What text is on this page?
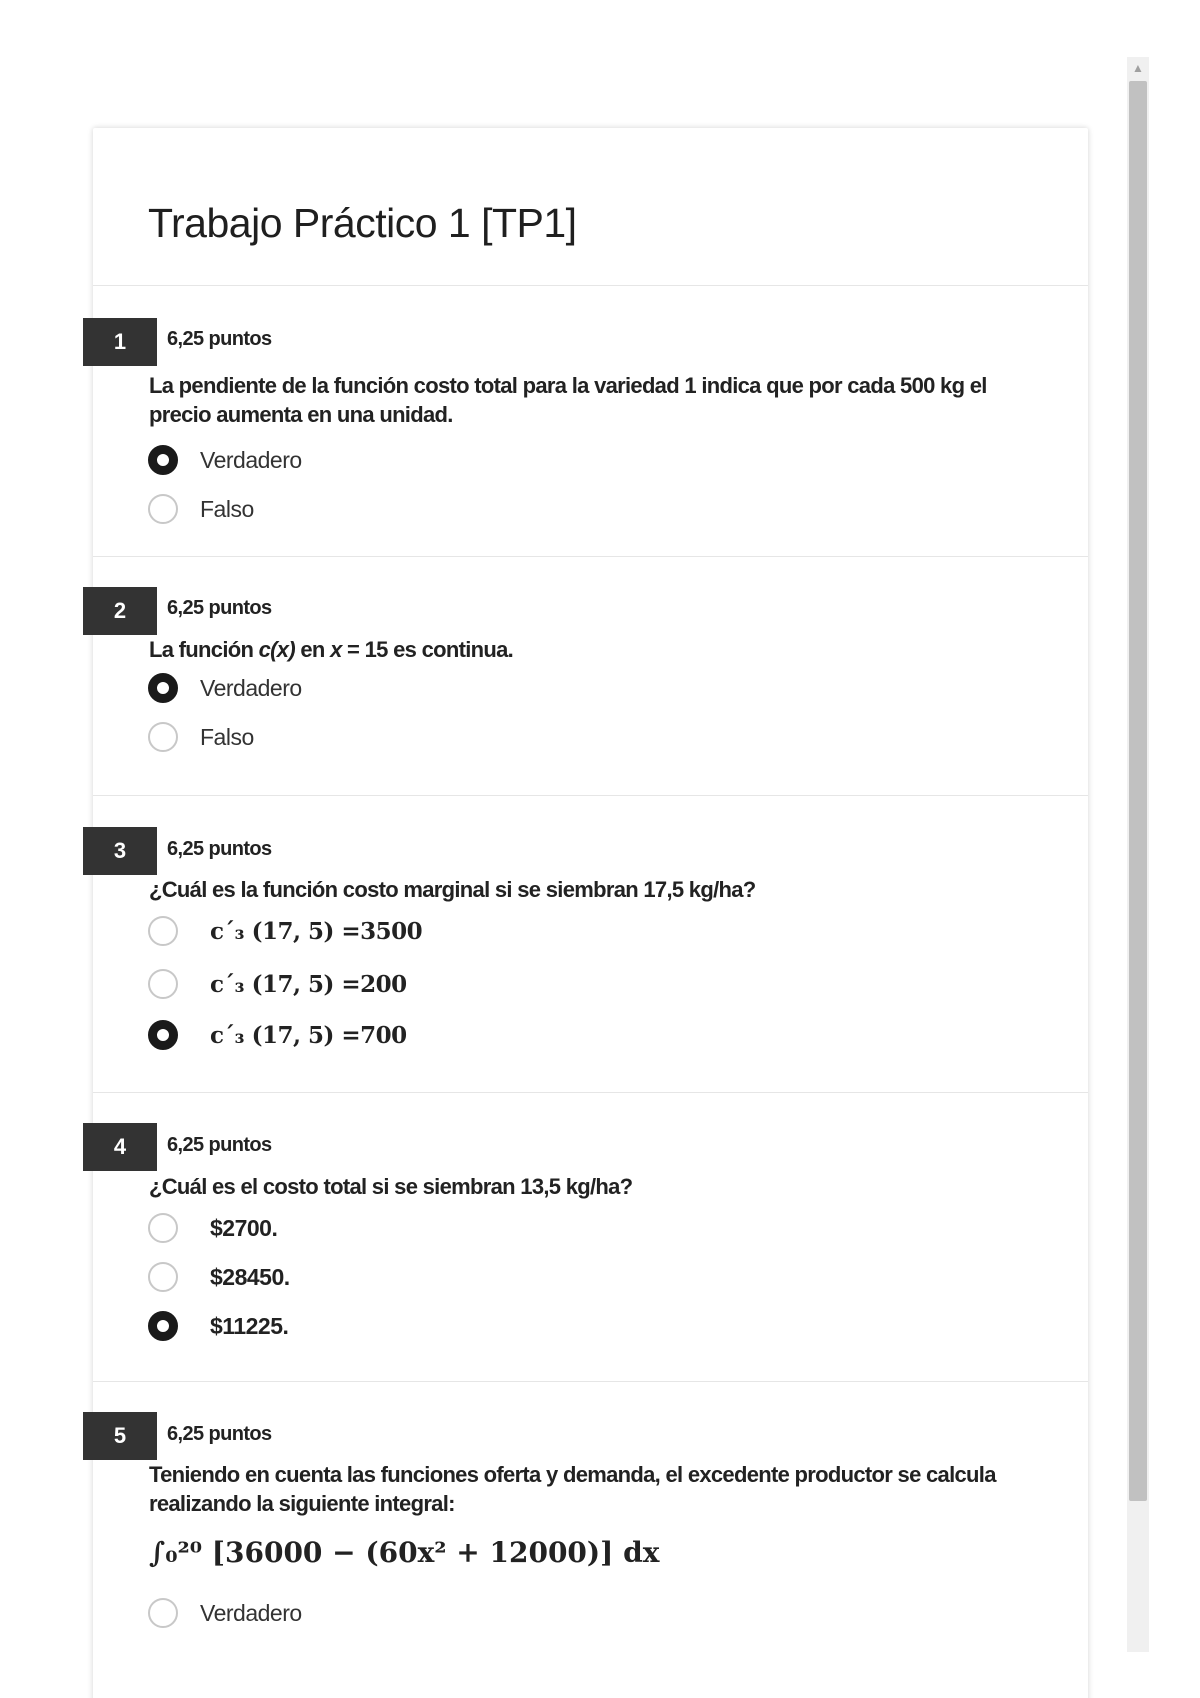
Trabajo Práctico 1 [TP1]
1	6,25 puntos
La pendiente de la función costo total para la variedad 1 indica que por cada 500 kg el
precio aumenta en una unidad.
Verdadero
Falso
2	6,25 puntos
La función c(x) en x = 15 es continua.
Verdadero
Falso
3	6,25 puntos
¿Cuál es la función costo marginal si se siembran 17,5 kg/ha?
c´₃ (17, 5) =3500
c´₃ (17, 5) =200
c´₃ (17, 5) =700
4	6,25 puntos
¿Cuál es el costo total si se siembran 13,5 kg/ha?
$2700.
$28450.
$11225.
5	6,25 puntos
Teniendo en cuenta las funciones oferta y demanda, el excedente productor se calcula
realizando la siguiente integral:
∫₀²⁰ [36000 − (60x² + 12000)] dx
Verdadero
▲
